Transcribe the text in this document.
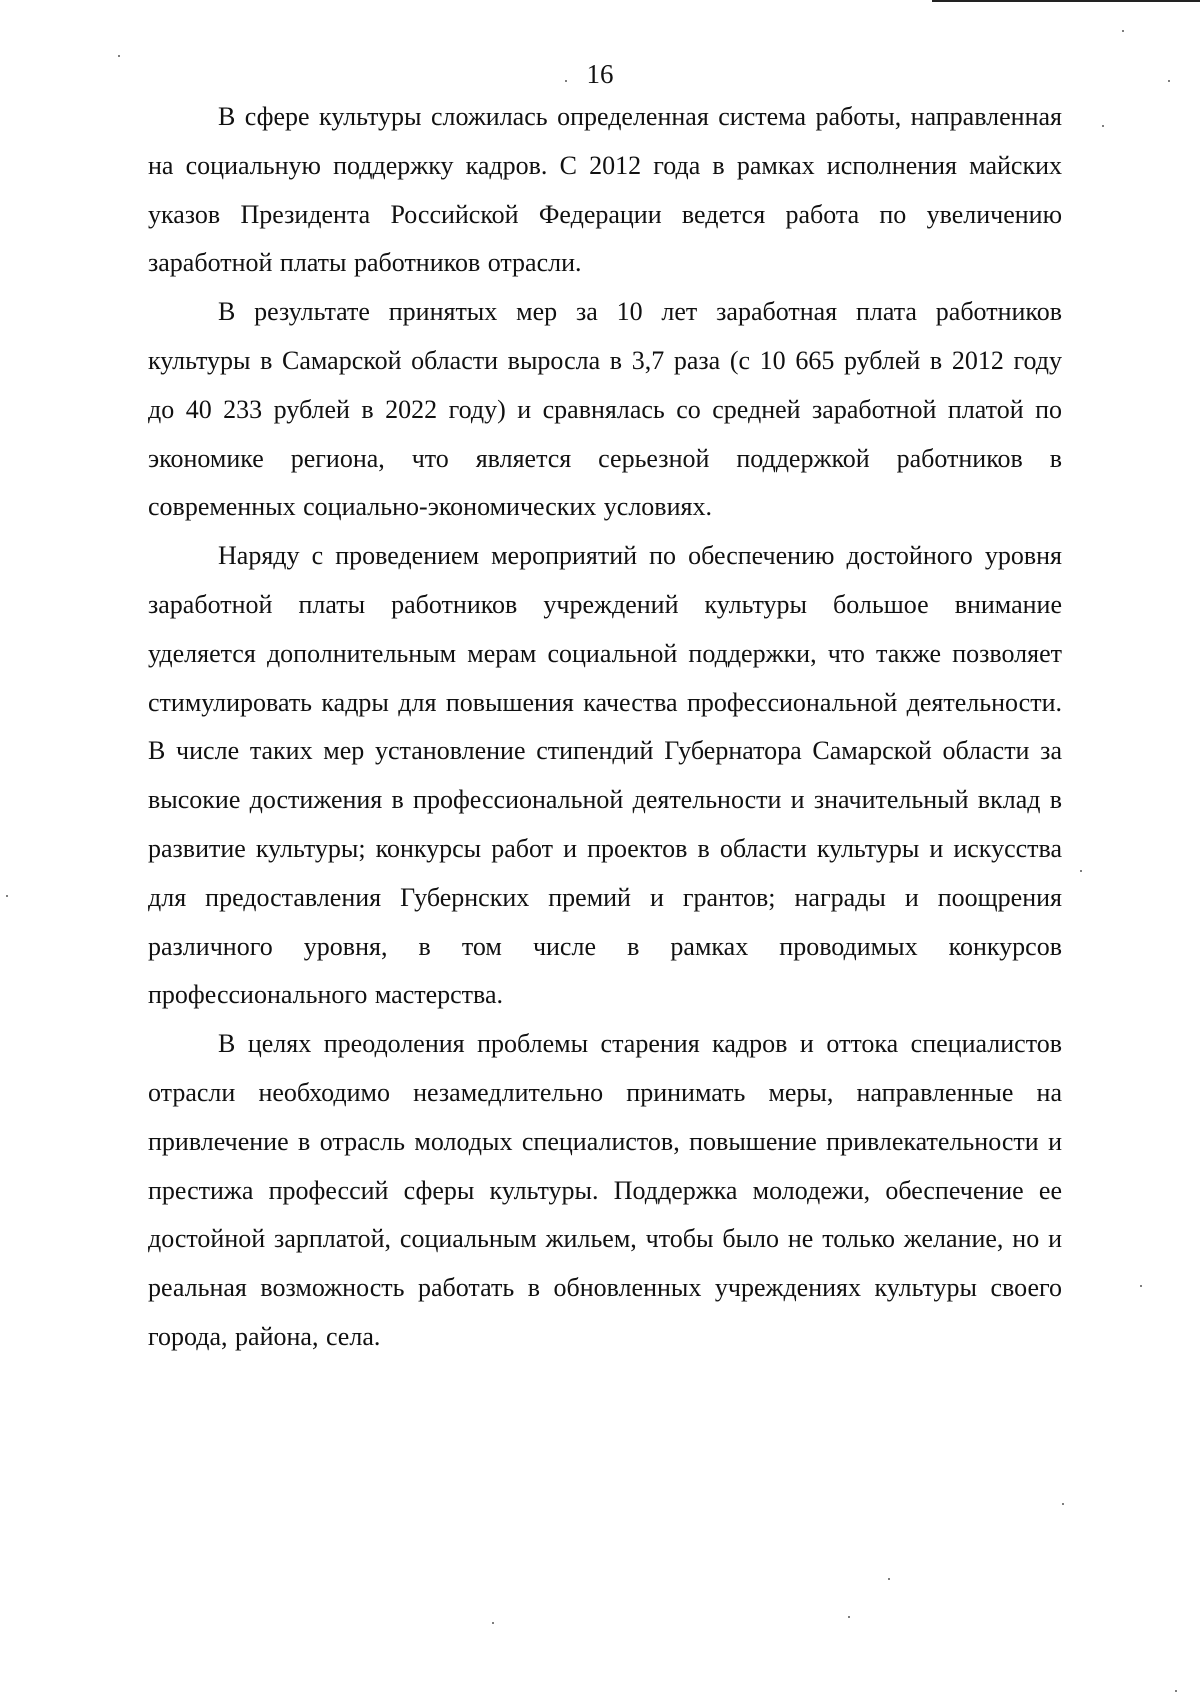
16

В сфере культуры сложилась определенная система работы, направленная на социальную поддержку кадров. С 2012 года в рамках исполнения майских указов Президента Российской Федерации ведется работа по увеличению заработной платы работников отрасли.

В результате принятых мер за 10 лет заработная плата работников культуры в Самарской области выросла в 3,7 раза (с 10 665 рублей в 2012 году до 40 233 рублей в 2022 году) и сравнялась со средней заработной платой по экономике региона, что является серьезной поддержкой работников в современных социально-экономических условиях.

Наряду с проведением мероприятий по обеспечению достойного уровня заработной платы работников учреждений культуры большое внимание уделяется дополнительным мерам социальной поддержки, что также позволяет стимулировать кадры для повышения качества профессиональной деятельности. В числе таких мер установление стипендий Губернатора Самарской области за высокие достижения в профессиональной деятельности и значительный вклад в развитие культуры; конкурсы работ и проектов в области культуры и искусства для предоставления Губернских премий и грантов; награды и поощрения различного уровня, в том числе в рамках проводимых конкурсов профессионального мастерства.

В целях преодоления проблемы старения кадров и оттока специалистов отрасли необходимо незамедлительно принимать меры, направленные на привлечение в отрасль молодых специалистов, повышение привлекательности и престижа профессий сферы культуры. Поддержка молодежи, обеспечение ее достойной зарплатой, социальным жильем, чтобы было не только желание, но и реальная возможность работать в обновленных учреждениях культуры своего города, района, села.
